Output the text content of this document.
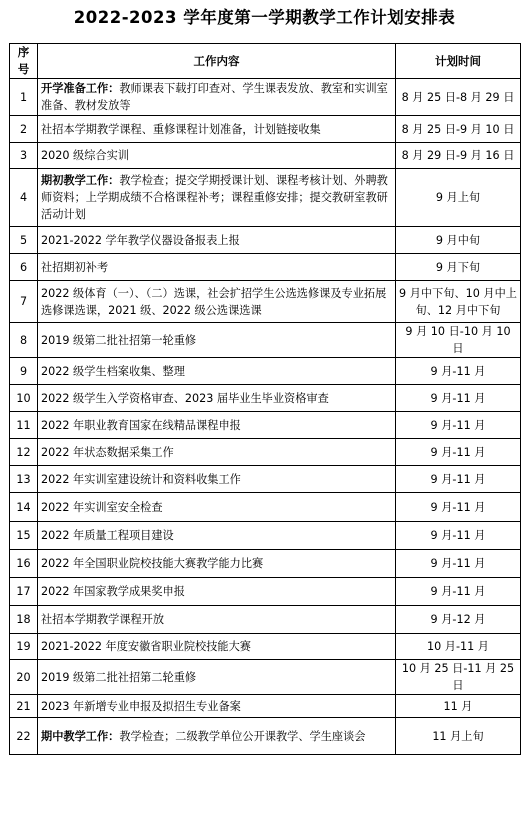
2022-2023 学年度第一学期教学工作计划安排表
序号	工作内容	计划时间
1	开学准备工作：教师课表下载打印查对、学生课表发放、教室和实训室准备、教材发放等	8 月 25 日-8 月 29 日
2	社招本学期教学课程、重修课程计划准备，计划链接收集	8 月 25 日-9 月 10 日
3	2020 级综合实训	8 月 29 日-9 月 16 日
4	期初教学工作：教学检查；提交学期授课计划、课程考核计划、外聘教师资料；上学期成绩不合格课程补考；课程重修安排；提交教研室教研活动计划	9 月上旬
5	2021-2022 学年教学仪器设备报表上报	9 月中旬
6	社招期初补考	9 月下旬
7	2022 级体育（一）、（二）选课，社会扩招学生公选选修课及专业拓展选修课选课，2021 级、2022 级公选课选课	9 月中下旬、10 月中上旬、12 月中下旬
8	2019 级第二批社招第一轮重修	9 月 10 日-10 月 10 日
9	2022 级学生档案收集、整理	9 月-11 月
10	2022 级学生入学资格审查、2023 届毕业生毕业资格审查	9 月-11 月
11	2022 年职业教育国家在线精品课程申报	9 月-11 月
12	2022 年状态数据采集工作	9 月-11 月
13	2022 年实训室建设统计和资料收集工作	9 月-11 月
14	2022 年实训室安全检查	9 月-11 月
15	2022 年质量工程项目建设	9 月-11 月
16	2022 年全国职业院校技能大赛教学能力比赛	9 月-11 月
17	2022 年国家教学成果奖申报	9 月-11 月
18	社招本学期教学课程开放	9 月-12 月
19	2021-2022 年度安徽省职业院校技能大赛	10 月-11 月
20	2019 级第二批社招第二轮重修	10 月 25 日-11 月 25 日
21	2023 年新增专业申报及拟招生专业备案	11 月
22	期中教学工作：教学检查；二级教学单位公开课教学、学生座谈会	11 月上旬
